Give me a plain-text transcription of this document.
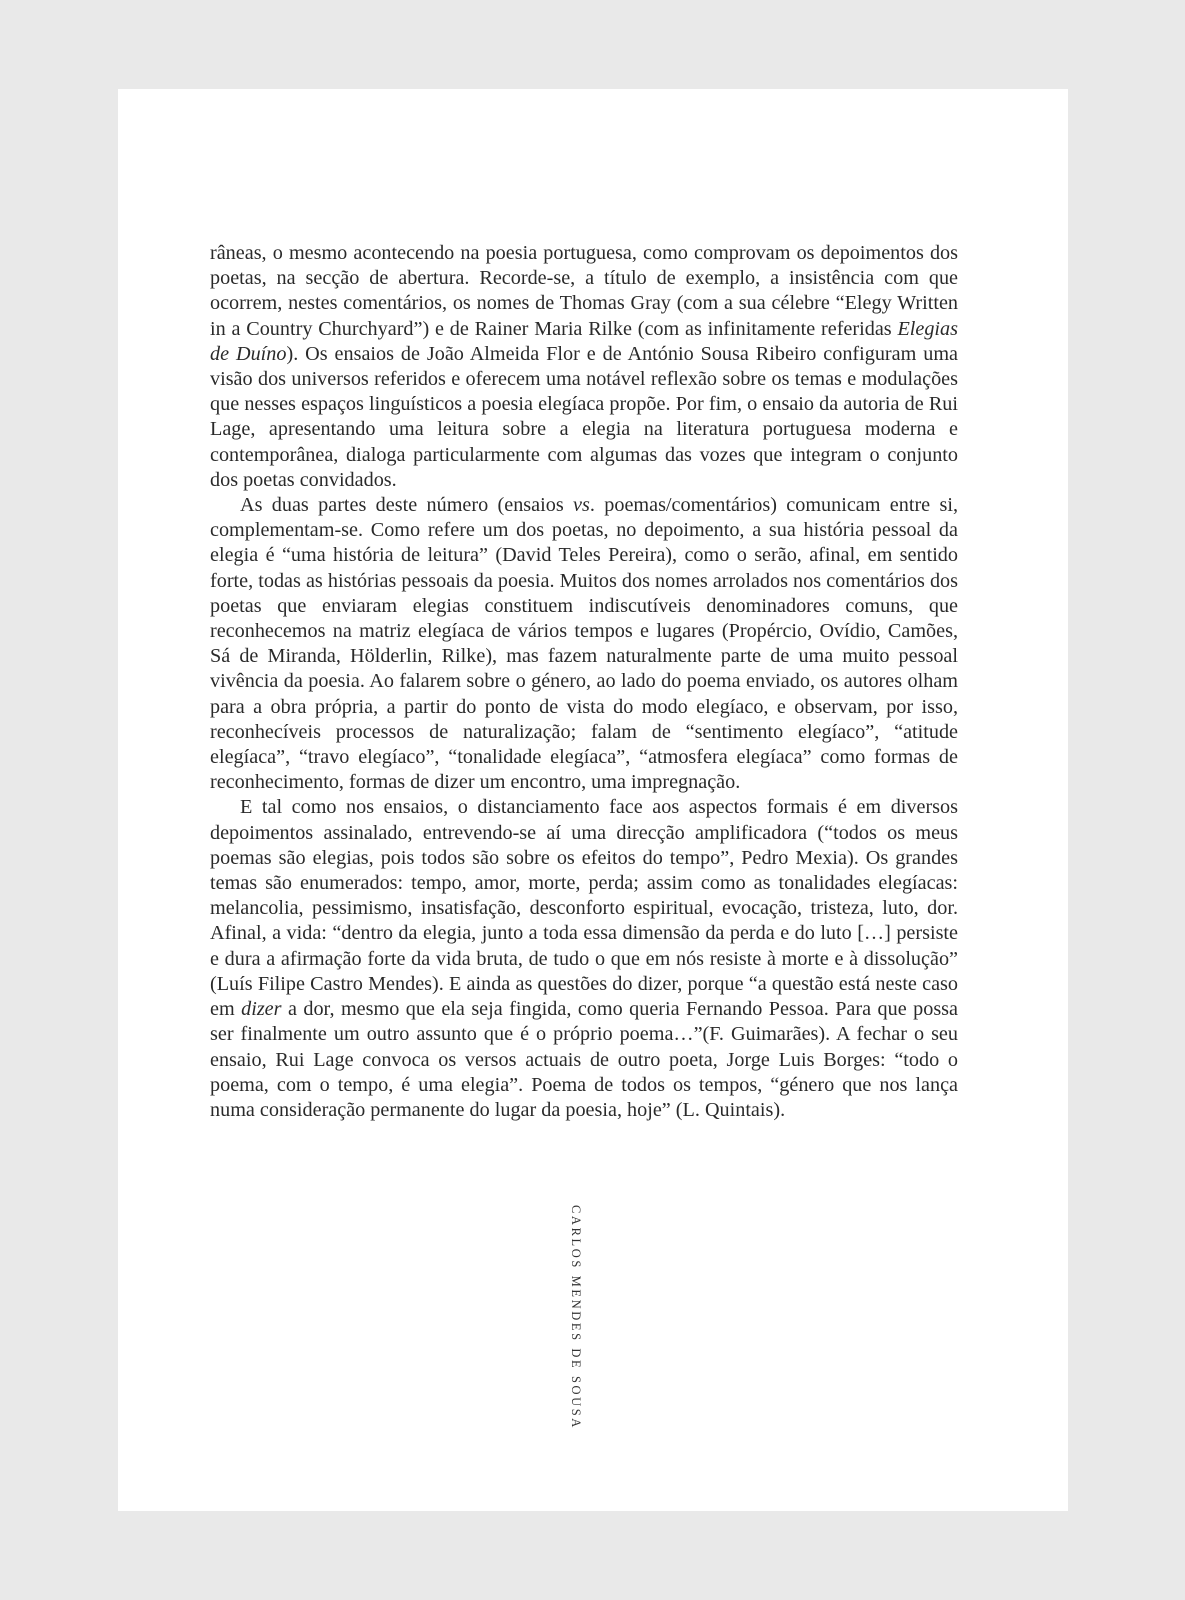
râneas, o mesmo acontecendo na poesia portuguesa, como comprovam os depoimentos dos poetas, na secção de abertura. Recorde-se, a título de exemplo, a insistência com que ocorrem, nestes comentários, os nomes de Thomas Gray (com a sua célebre “Elegy Written in a Country Churchyard”) e de Rainer Maria Rilke (com as infinitamente referidas Elegias de Duíno). Os ensaios de João Almeida Flor e de António Sousa Ribeiro configuram uma visão dos universos referidos e oferecem uma notável reflexão sobre os temas e modulações que nesses espaços linguísticos a poesia elegíaca propõe. Por fim, o ensaio da autoria de Rui Lage, apresentando uma leitura sobre a elegia na literatura portuguesa moderna e contemporânea, dialoga particularmente com algumas das vozes que integram o conjunto dos poetas convidados.

As duas partes deste número (ensaios vs. poemas/comentários) comunicam entre si, complementam-se. Como refere um dos poetas, no depoimento, a sua história pessoal da elegia é “uma história de leitura” (David Teles Pereira), como o serão, afinal, em sentido forte, todas as histórias pessoais da poesia. Muitos dos nomes arrolados nos comentários dos poetas que enviaram elegias constituem indiscutíveis denominadores comuns, que reconhecemos na matriz elegíaca de vários tempos e lugares (Propércio, Ovídio, Camões, Sá de Miranda, Hölderlin, Rilke), mas fazem naturalmente parte de uma muito pessoal vivência da poesia. Ao falarem sobre o género, ao lado do poema enviado, os autores olham para a obra própria, a partir do ponto de vista do modo elegíaco, e observam, por isso, reconhecíveis processos de naturalização; falam de “sentimento elegíaco”, “atitude elegíaca”, “travo elegíaco”, “tonalidade elegíaca”, “atmosfera elegíaca” como formas de reconhecimento, formas de dizer um encontro, uma impregnação.

E tal como nos ensaios, o distanciamento face aos aspectos formais é em diversos depoimentos assinalado, entrevendo-se aí uma direcção amplificadora (“todos os meus poemas são elegias, pois todos são sobre os efeitos do tempo”, Pedro Mexia). Os grandes temas são enumerados: tempo, amor, morte, perda; assim como as tonalidades elegíacas: melancolia, pessimismo, insatisfação, desconforto espiritual, evocação, tristeza, luto, dor. Afinal, a vida: “dentro da elegia, junto a toda essa dimensão da perda e do luto […] persiste e dura a afirmação forte da vida bruta, de tudo o que em nós resiste à morte e à dissolução” (Luís Filipe Castro Mendes). E ainda as questões do dizer, porque “a questão está neste caso em dizer a dor, mesmo que ela seja fingida, como queria Fernando Pessoa. Para que possa ser finalmente um outro assunto que é o próprio poema…”(F. Guimarães). A fechar o seu ensaio, Rui Lage convoca os versos actuais de outro poeta, Jorge Luis Borges: “todo o poema, com o tempo, é uma elegia”. Poema de todos os tempos, “género que nos lança numa consideração permanente do lugar da poesia, hoje” (L. Quintais).

CARLOS MENDES DE SOUSA
